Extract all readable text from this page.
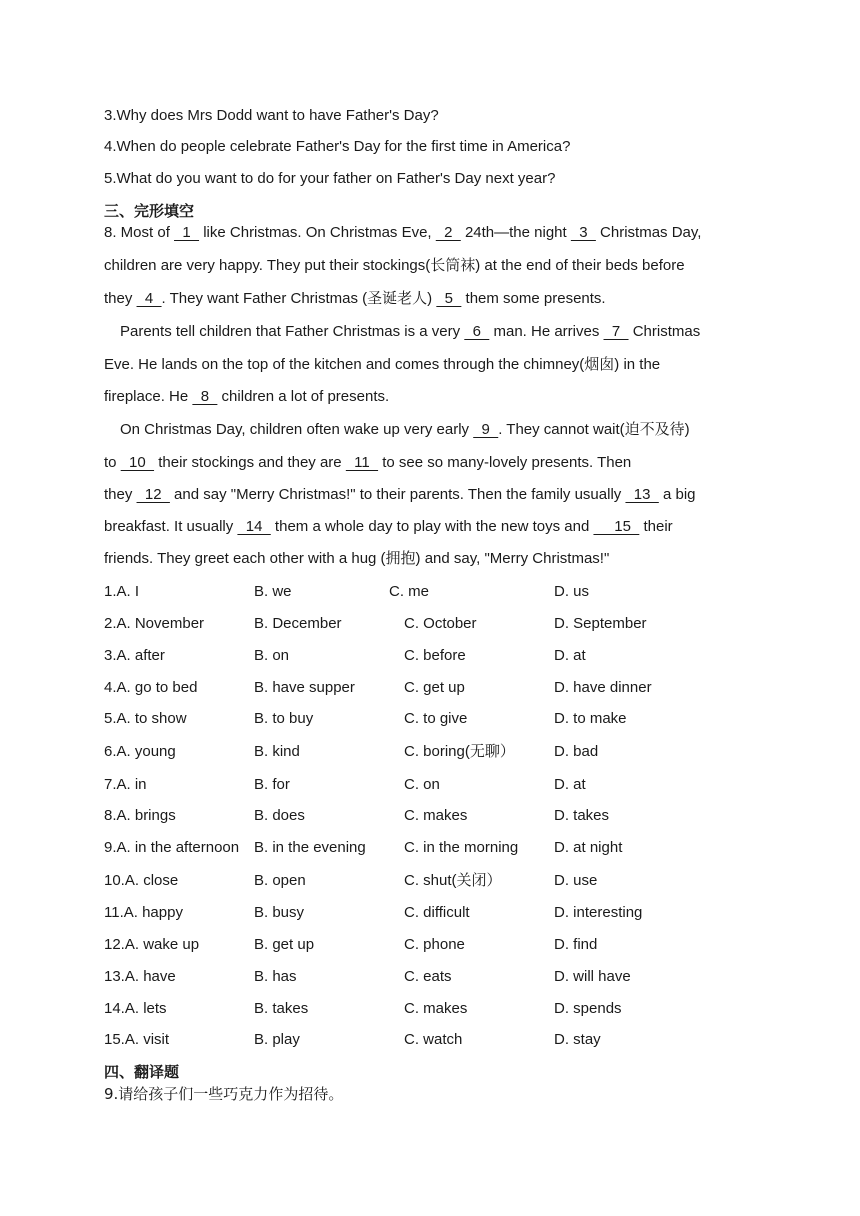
3.Why does Mrs Dodd want to have Father's Day?
4.When do people celebrate Father's Day for the first time in America?
5.What do you want to do for your father on Father's Day next year?
三、完形填空
8. Most of   1   like Christmas. On Christmas Eve,   2   24th—the night   3   Christmas Day,
children are very happy. They put their stockings(长筒袜) at the end of their beds before
they   4  . They want Father Christmas (圣诞老人)   5   them some presents.
Parents tell children that Father Christmas is a very   6   man. He arrives   7   Christmas
Eve. He lands on the top of the kitchen and comes through the chimney(烟囱) in the
fireplace. He   8   children a lot of presents.
On Christmas Day, children often wake up very early   9  . They cannot wait(迫不及待)
to   10   their stockings and they are   11   to see so many-lovely presents. Then
they   12   and say "Merry Christmas!" to their parents. Then the family usually   13   a big
breakfast. It usually   14   them a whole day to play with the new toys and      15   their
friends. They greet each other with a hug (拥抱) and say, "Merry Christmas!"
1.A. I	B. we	C. me	D. us
2.A. November	B. December	C. October	D. September
3.A. after	B. on	C. before	D. at
4.A. go to bed	B. have supper	C. get up	D. have dinner
5.A. to show	B. to buy	C. to give	D. to make
6.A. young	B. kind	C. boring(无聊）	D. bad
7.A. in	B. for	C. on	D. at
8.A. brings	B. does	C. makes	D. takes
9.A. in the afternoon B. in the evening	C. in the morning D. at night
10.A. close	B. open	C. shut(关闭）	D. use
11.A. happy	B. busy	C. difficult	D. interesting
12.A. wake up	B. get up	C. phone	D. find
13.A. have	B. has	C. eats	D. will have
14.A. lets	B. takes	C. makes	D. spends
15.A. visit	B. play	C. watch	D. stay
四、翻译题
9.请给孩子们一些巧克力作为招待。
